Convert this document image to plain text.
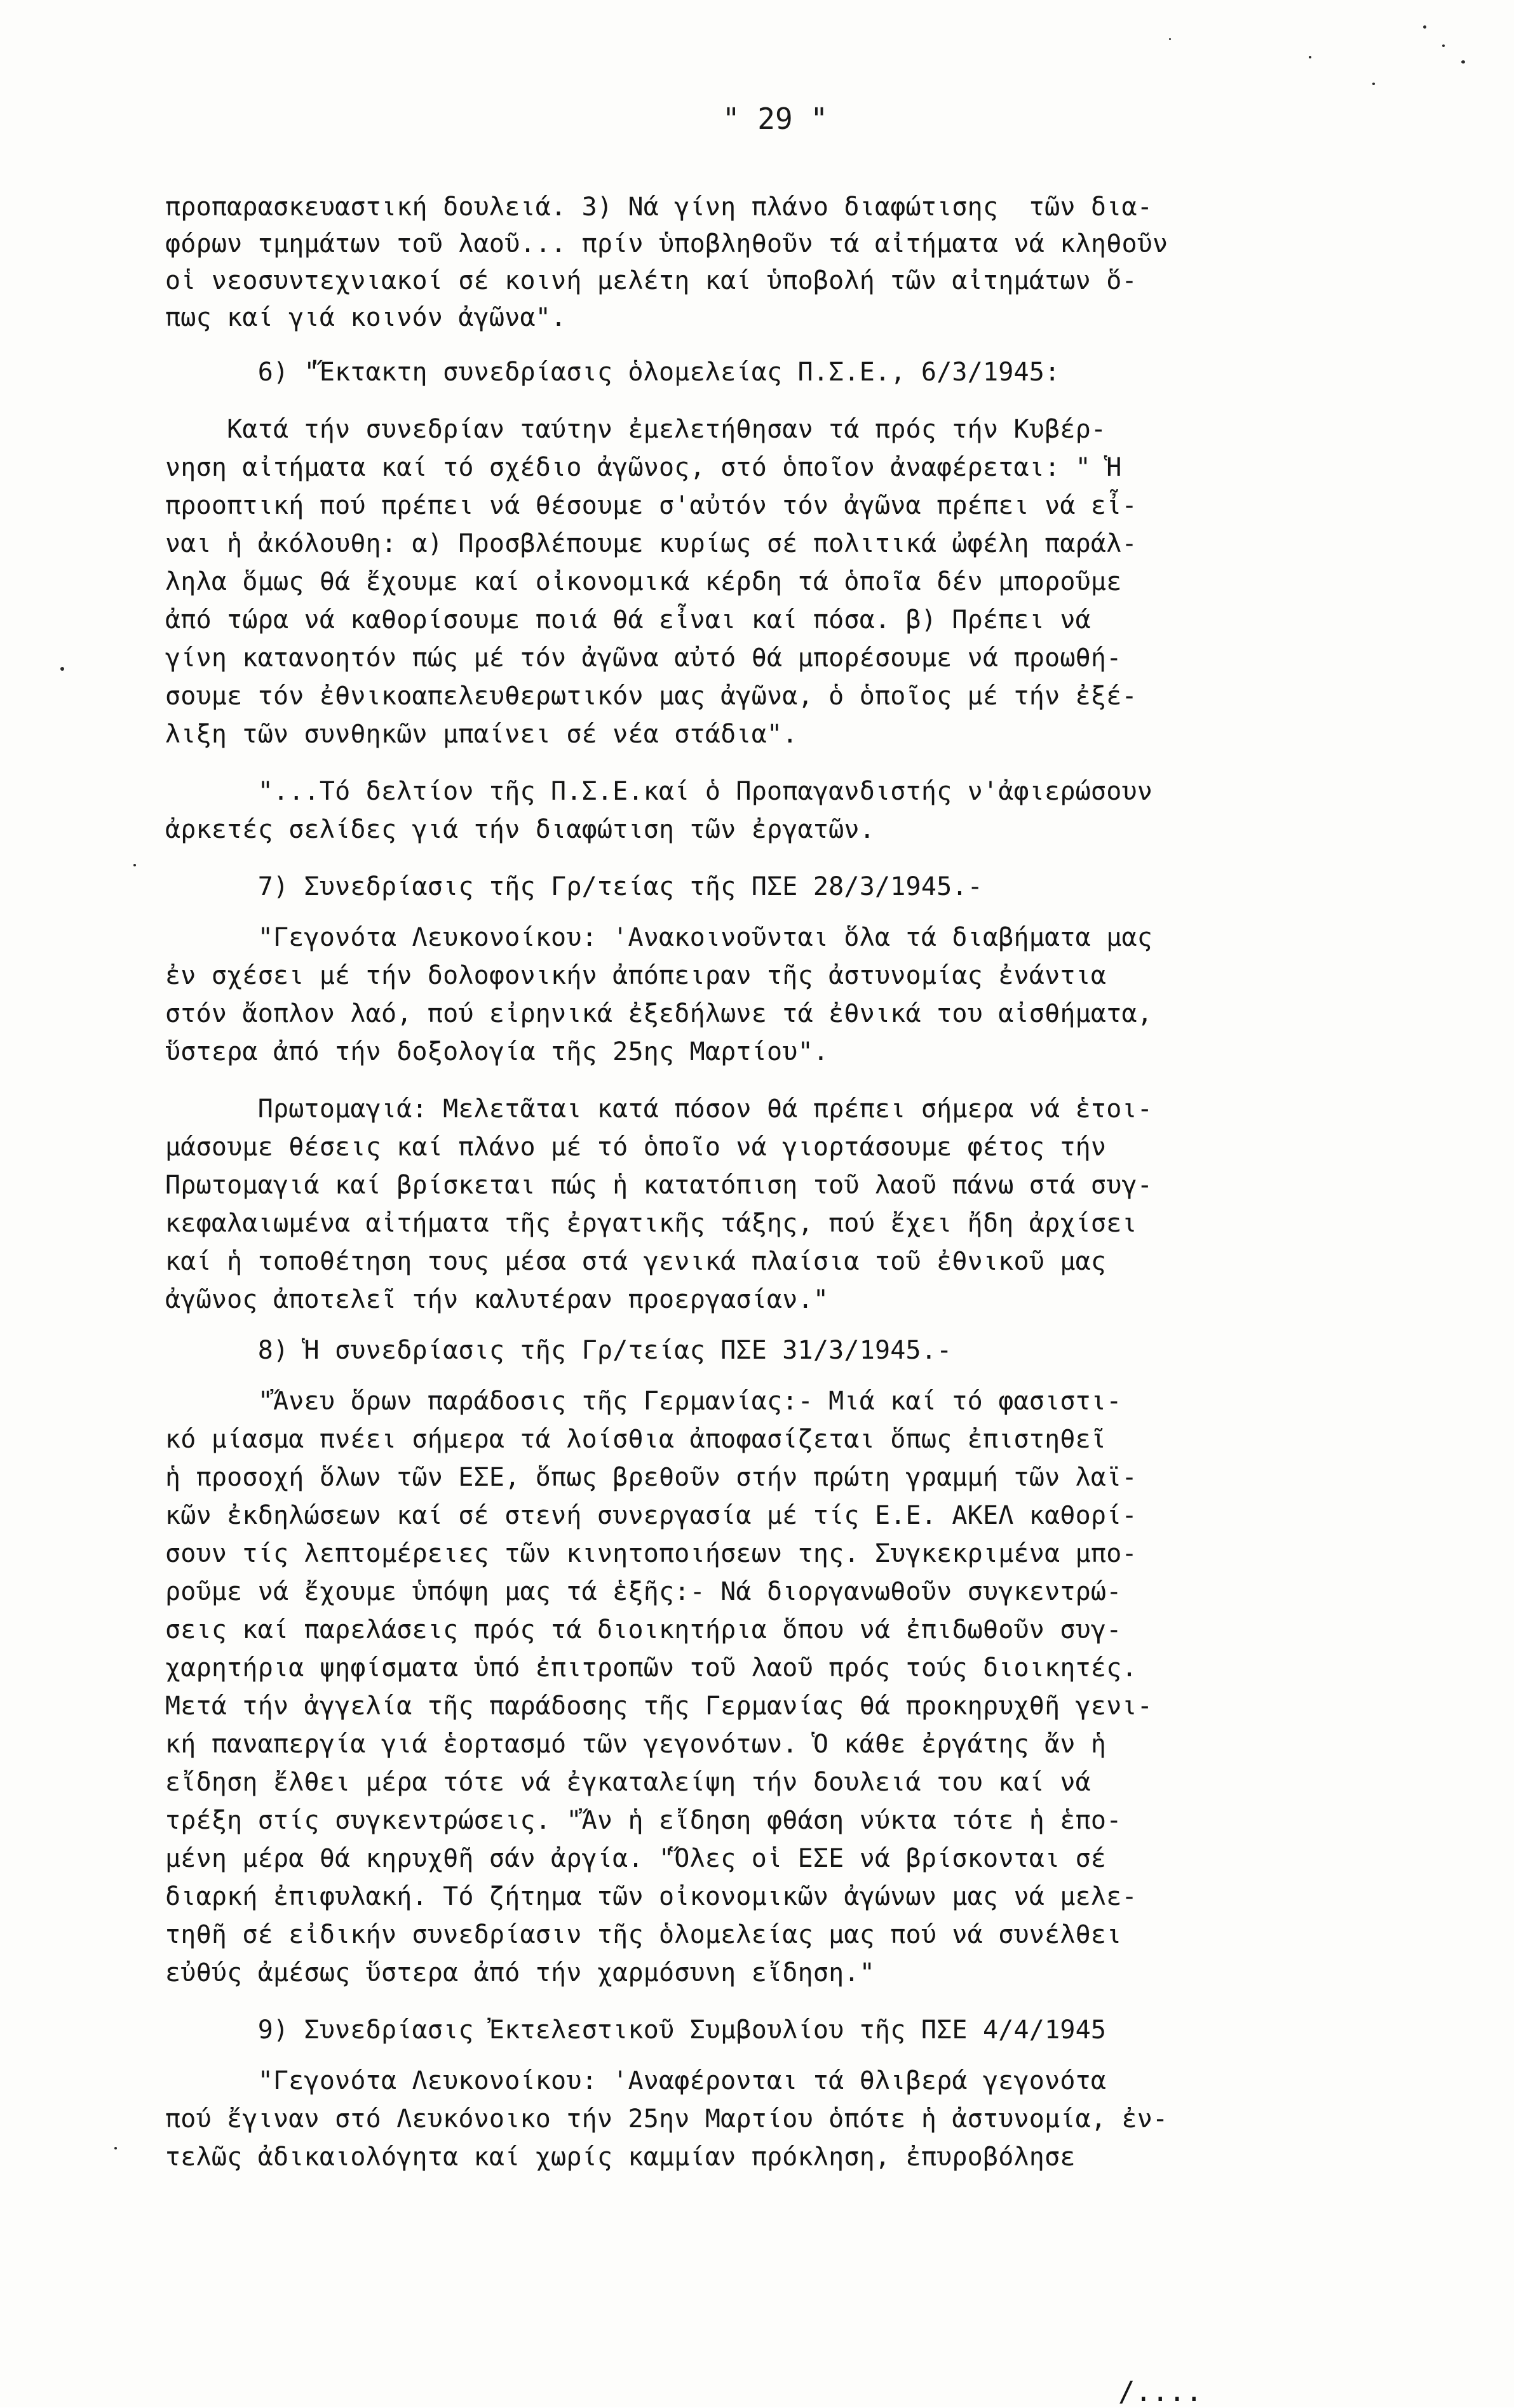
" 29 "

προπαρασκευαστική δουλειά. 3) Νά γίνη πλάνο διαφώτισης  τῶν δια-

φόρων τμημάτων τοῦ λαοῦ... πρίν ὑποβληθοῦν τά αἰτήματα νά κληθοῦν

οἱ νεοσυντεχνιακοί σέ κοινή μελέτη καί ὑποβολή τῶν αἰτημάτων ὅ-

πως καί γιά κοινόν ἀγῶνα".

6) "Ἔκτακτη συνεδρίασις ὁλομελείας Π.Σ.Ε., 6/3/1945:

Κατά τήν συνεδρίαν ταύτην ἐμελετήθησαν τά πρός τήν Κυβέρ-

νηση αἰτήματα καί τό σχέδιο ἀγῶνος, στό ὁποῖον ἀναφέρεται: " Ἡ

προοπτική πού πρέπει νά θέσουμε σ'αὐτόν τόν ἀγῶνα πρέπει νά εἶ-

ναι ἡ ἀκόλουθη: α) Προσβλέπουμε κυρίως σέ πολιτικά ὠφέλη παράλ-

ληλα ὅμως θά ἔχουμε καί οἰκονομικά κέρδη τά ὁποῖα δέν μποροῦμε

ἀπό τώρα νά καθορίσουμε ποιά θά εἶναι καί πόσα. β) Πρέπει νά

γίνη κατανοητόν πώς μέ τόν ἀγῶνα αὐτό θά μπορέσουμε νά προωθή-

σουμε τόν ἐθνικοαπελευθερωτικόν μας ἀγῶνα, ὁ ὁποῖος μέ τήν ἐξέ-

λιξη τῶν συνθηκῶν μπαίνει σέ νέα στάδια".

"...Τό δελτίον τῆς Π.Σ.Ε.καί ὁ Προπαγανδιστής ν'ἀφιερώσουν

ἀρκετές σελίδες γιά τήν διαφώτιση τῶν ἐργατῶν.

7) Συνεδρίασις τῆς Γρ/τείας τῆς ΠΣΕ 28/3/1945.-

"Γεγονότα Λευκονοίκου: 'Ανακοινοῦνται ὅλα τά διαβήματα μας

ἐν σχέσει μέ τήν δολοφονικήν ἀπόπειραν τῆς ἀστυνομίας ἐνάντια

στόν ἄοπλον λαό, πού εἰρηνικά ἐξεδήλωνε τά ἐθνικά του αἰσθήματα,

ὕστερα ἀπό τήν δοξολογία τῆς 25ης Μαρτίου".

Πρωτομαγιά: Μελετᾶται κατά πόσον θά πρέπει σήμερα νά ἑτοι-

μάσουμε θέσεις καί πλάνο μέ τό ὁποῖο νά γιορτάσουμε φέτος τήν

Πρωτομαγιά καί βρίσκεται πώς ἡ κατατόπιση τοῦ λαοῦ πάνω στά συγ-

κεφαλαιωμένα αἰτήματα τῆς ἐργατικῆς τάξης, πού ἔχει ἤδη ἀρχίσει

καί ἡ τοποθέτηση τους μέσα στά γενικά πλαίσια τοῦ ἐθνικοῦ μας

ἀγῶνος ἀποτελεῖ τήν καλυτέραν προεργασίαν."

8) Ἡ συνεδρίασις τῆς Γρ/τείας ΠΣΕ 31/3/1945.-

"Ἄνευ ὅρων παράδοσις τῆς Γερμανίας:- Μιά καί τό φασιστι-

κό μίασμα πνέει σήμερα τά λοίσθια ἀποφασίζεται ὅπως ἐπιστηθεῖ

ἡ προσοχή ὅλων τῶν ΕΣΕ, ὅπως βρεθοῦν στήν πρώτη γραμμή τῶν λαϊ-

κῶν ἐκδηλώσεων καί σέ στενή συνεργασία μέ τίς Ε.Ε. ΑΚΕΛ καθορί-

σουν τίς λεπτομέρειες τῶν κινητοποιήσεων της. Συγκεκριμένα μπο-

ροῦμε νά ἔχουμε ὑπόψη μας τά ἑξῆς:- Νά διοργανωθοῦν συγκεντρώ-

σεις καί παρελάσεις πρός τά διοικητήρια ὅπου νά ἐπιδωθοῦν συγ-

χαρητήρια ψηφίσματα ὑπό ἐπιτροπῶν τοῦ λαοῦ πρός τούς διοικητές.

Μετά τήν ἀγγελία τῆς παράδοσης τῆς Γερμανίας θά προκηρυχθῆ γενι-

κή παναπεργία γιά ἑορτασμό τῶν γεγονότων. Ὁ κάθε ἐργάτης ἄν ἡ

εἴδηση ἔλθει μέρα τότε νά ἐγκαταλείψη τήν δουλειά του καί νά

τρέξη στίς συγκεντρώσεις. "Ἄν ἡ εἴδηση φθάση νύκτα τότε ἡ ἑπο-

μένη μέρα θά κηρυχθῆ σάν ἀργία. "Ὅλες οἱ ΕΣΕ νά βρίσκονται σέ

διαρκή ἐπιφυλακή. Τό ζήτημα τῶν οἰκονομικῶν ἀγώνων μας νά μελε-

τηθῆ σέ εἰδικήν συνεδρίασιν τῆς ὁλομελείας μας πού νά συνέλθει

εὐθύς ἀμέσως ὕστερα ἀπό τήν χαρμόσυνη εἴδηση."

9) Συνεδρίασις Ἐκτελεστικοῦ Συμβουλίου τῆς ΠΣΕ 4/4/1945

"Γεγονότα Λευκονοίκου: 'Αναφέρονται τά θλιβερά γεγονότα

πού ἔγιναν στό Λευκόνοικο τήν 25ην Μαρτίου ὁπότε ἡ ἀστυνομία, ἐν-

τελῶς ἀδικαιολόγητα καί χωρίς καμμίαν πρόκληση, ἐπυροβόλησε

/....
